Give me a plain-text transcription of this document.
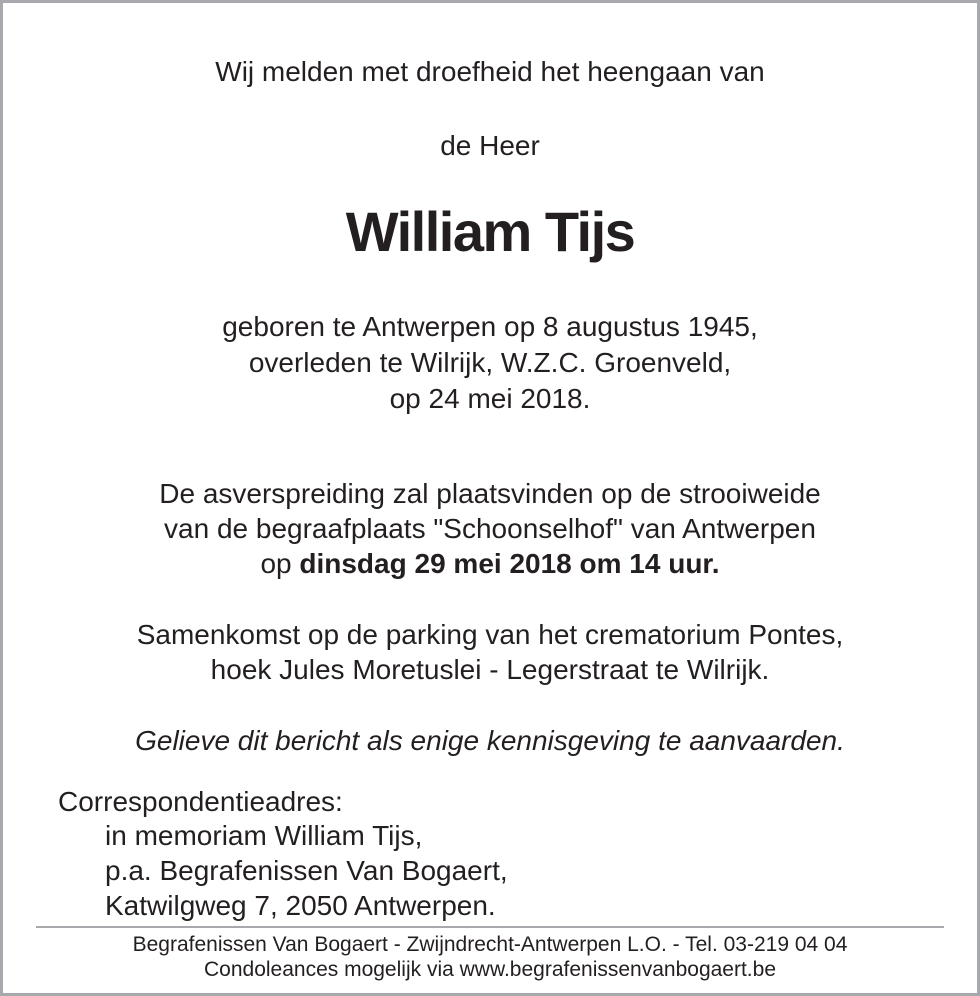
Wij melden met droefheid het heengaan van
de Heer
William Tijs
geboren te Antwerpen op 8 augustus 1945,
overleden te Wilrijk, W.Z.C. Groenveld,
op 24 mei 2018.
De asverspreiding zal plaatsvinden op de strooiweide
van de begraafplaats "Schoonselhof" van Antwerpen
op dinsdag 29 mei 2018 om 14 uur.
Samenkomst op de parking van het crematorium Pontes,
hoek Jules Moretuslei - Legerstraat te Wilrijk.
Gelieve dit bericht als enige kennisgeving te aanvaarden.
Correspondentieadres:
in memoriam William Tijs,
p.a. Begrafenissen Van Bogaert,
Katwilgweg 7, 2050 Antwerpen.
Begrafenissen Van Bogaert - Zwijndrecht-Antwerpen L.O. - Tel. 03-219 04 04
Condoleances mogelijk via www.begrafenissenvanbogaert.be
